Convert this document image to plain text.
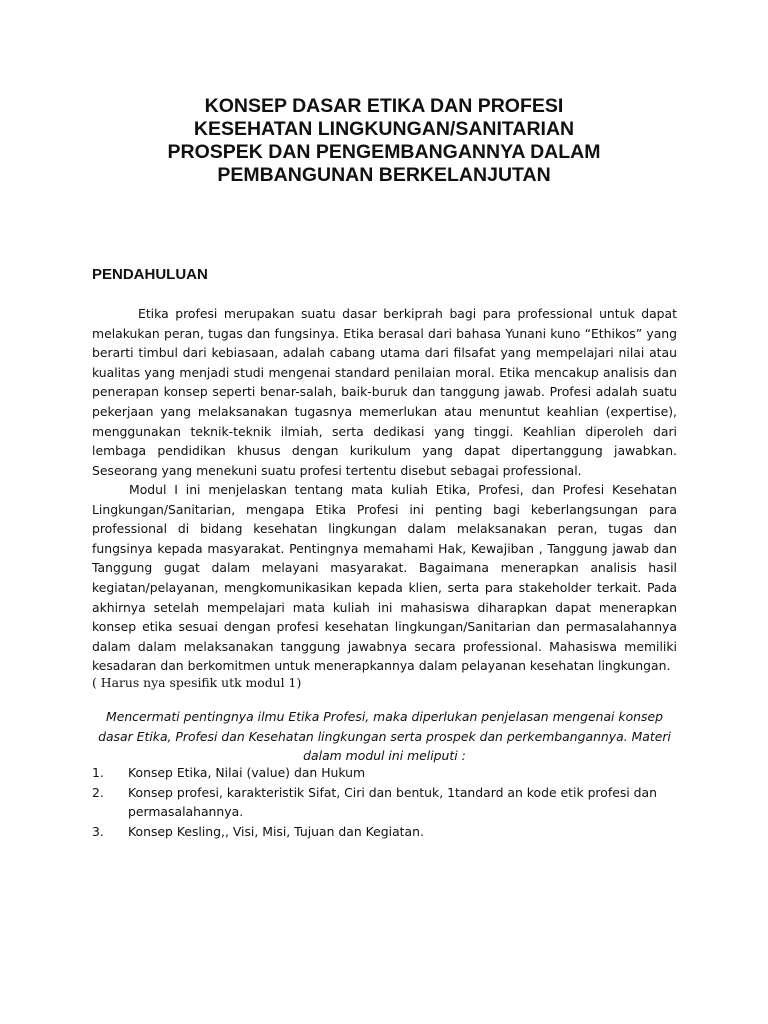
KONSEP DASAR ETIKA DAN PROFESI
KESEHATAN LINGKUNGAN/SANITARIAN
PROSPEK DAN PENGEMBANGANNYA DALAM
PEMBANGUNAN BERKELANJUTAN
PENDAHULUAN

Etika profesi merupakan suatu dasar berkiprah bagi para professional untuk dapat melakukan peran, tugas dan fungsinya. Etika berasal dari bahasa Yunani kuno “Ethikos” yang berarti timbul dari kebiasaan, adalah cabang utama dari filsafat yang mempelajari nilai atau kualitas yang menjadi studi mengenai standard penilaian moral. Etika mencakup analisis dan penerapan konsep seperti benar-salah, baik-buruk dan tanggung jawab. Profesi adalah suatu pekerjaan yang melaksanakan tugasnya memerlukan atau menuntut keahlian (expertise), menggunakan teknik-teknik ilmiah, serta dedikasi yang tinggi. Keahlian diperoleh dari lembaga pendidikan khusus dengan kurikulum yang dapat dipertanggung jawabkan. Seseorang yang menekuni suatu profesi tertentu disebut sebagai professional.

Modul I ini menjelaskan tentang mata kuliah Etika, Profesi, dan Profesi Kesehatan Lingkungan/Sanitarian, mengapa Etika Profesi ini penting bagi keberlangsungan para professional di bidang kesehatan lingkungan dalam melaksanakan peran, tugas dan fungsinya kepada masyarakat. Pentingnya memahami Hak, Kewajiban , Tanggung jawab dan Tanggung gugat dalam melayani masyarakat. Bagaimana menerapkan analisis hasil kegiatan/pelayanan, mengkomunikasikan kepada klien, serta para stakeholder terkait. Pada akhirnya setelah mempelajari mata kuliah ini mahasiswa diharapkan dapat menerapkan konsep etika sesuai dengan profesi kesehatan lingkungan/Sanitarian dan permasalahannya dalam dalam melaksanakan tanggung jawabnya secara professional. Mahasiswa memiliki kesadaran dan berkomitmen untuk menerapkannya dalam pelayanan kesehatan lingkungan.

( Harus nya spesifik utk modul 1)

Mencermati pentingnya ilmu Etika Profesi, maka diperlukan penjelasan mengenai konsep dasar Etika, Profesi dan Kesehatan lingkungan serta prospek dan perkembangannya. Materi dalam modul ini meliputi :

1.	Konsep Etika, Nilai (value) dan Hukum
2.	Konsep profesi, karakteristik Sifat, Ciri dan bentuk, 1tandard an kode etik profesi dan permasalahannya.
3.	Konsep Kesling,, Visi, Misi, Tujuan dan Kegiatan.
